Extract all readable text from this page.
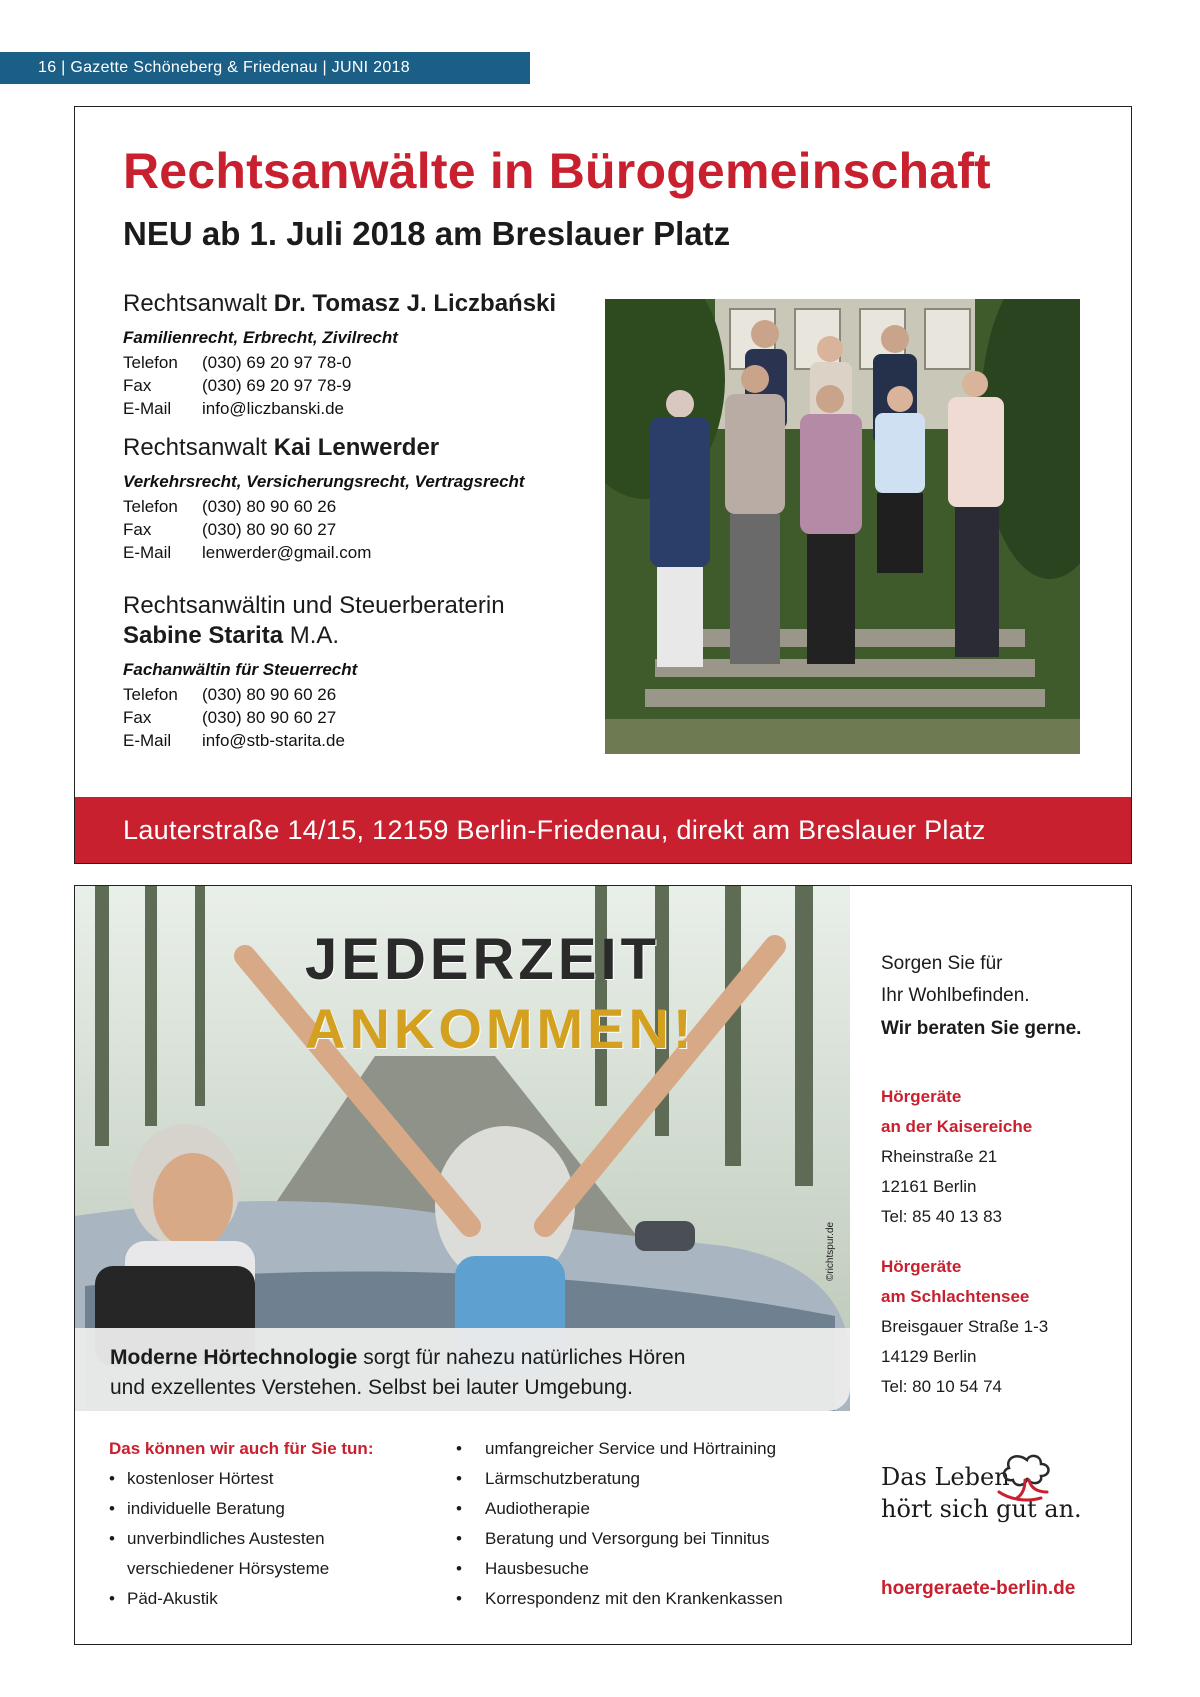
16 | Gazette Schöneberg & Friedenau | JUNI 2018
Rechtsanwälte in Bürogemeinschaft
NEU ab 1. Juli 2018 am Breslauer Platz
Rechtsanwalt Dr. Tomasz J. Liczbański
Familienrecht, Erbrecht, Zivilrecht
Telefon	(030) 69 20 97 78-0
Fax	(030) 69 20 97 78-9
E-Mail	info@liczbanski.de
Rechtsanwalt Kai Lenwerder
Verkehrsrecht, Versicherungsrecht, Vertragsrecht
Telefon	(030) 80 90 60 26
Fax	(030) 80 90 60 27
E-Mail	lenwerder@gmail.com
Rechtsanwältin und Steuerberaterin
Sabine Starita M.A.
Fachanwältin für Steuerrecht
Telefon	(030) 80 90 60 26
Fax	(030) 80 90 60 27
E-Mail	info@stb-starita.de
Lauterstraße 14/15, 12159 Berlin-Friedenau, direkt am Breslauer Platz
JEDERZEIT
ANKOMMEN!
©richtspur.de
Moderne Hörtechnologie sorgt für nahezu natürliches Hören
und exzellentes Verstehen. Selbst bei lauter Umgebung.
Sorgen Sie für
Ihr Wohlbefinden.
Wir beraten Sie gerne.
Hörgeräte
an der Kaisereiche
Rheinstraße 21
12161 Berlin
Tel: 85 40 13 83
Hörgeräte
am Schlachtensee
Breisgauer Straße 1-3
14129 Berlin
Tel: 80 10 54 74
Das können wir auch für Sie tun:
• kostenloser Hörtest
• individuelle Beratung
• unverbindliches Austesten
verschiedener Hörsysteme
• Päd-Akustik
•	umfangreicher Service und Hörtraining
•	Lärmschutzberatung
•	Audiotherapie
•	Beratung und Versorgung bei Tinnitus
•	Hausbesuche
•	Korrespondenz mit den Krankenkassen
Das Leben
hört sich gut an.
hoergeraete-berlin.de
